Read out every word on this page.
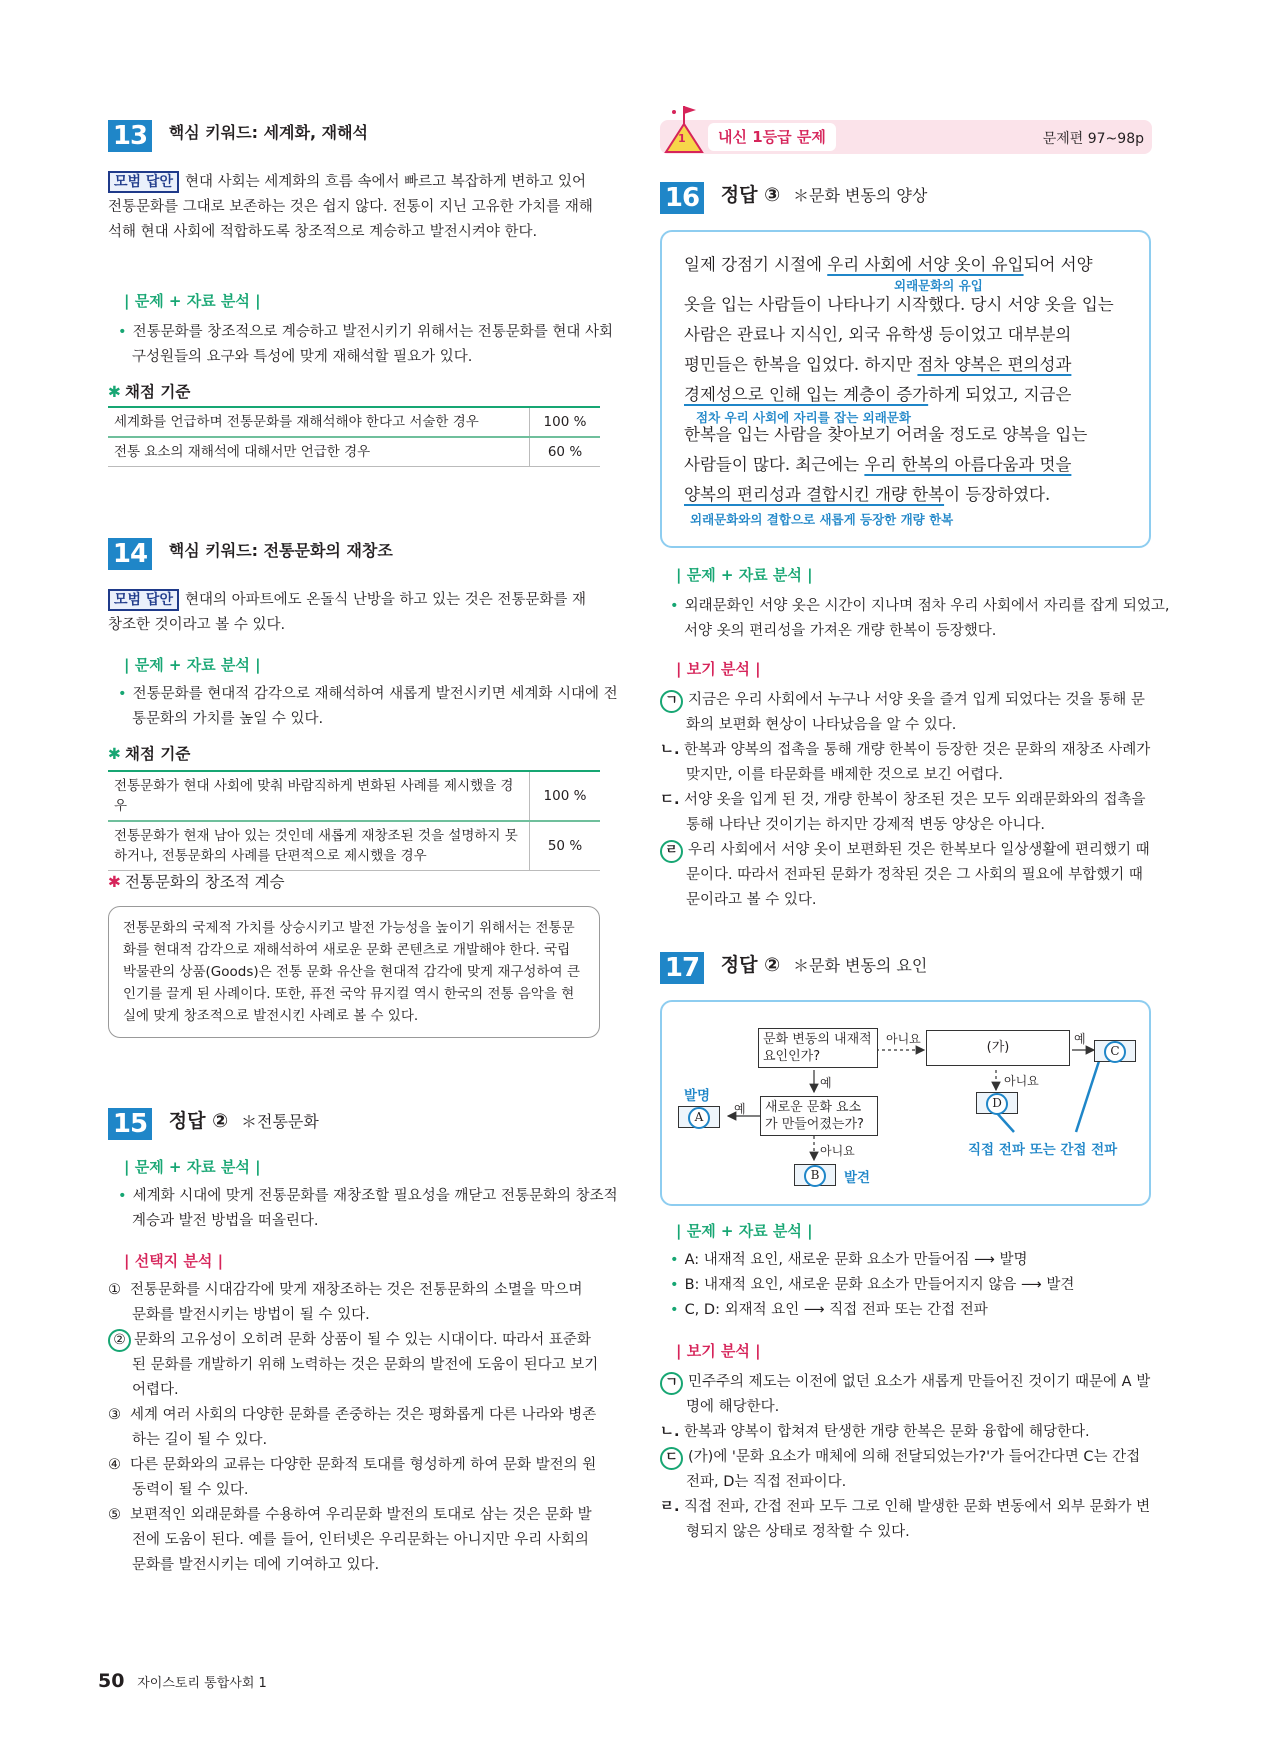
13 핵심 키워드: 세계화, 재해석
모범 답안 현대 사회는 세계화의 흐름 속에서 빠르고 복잡하게 변하고 있어 전통문화를 그대로 보존하는 것은 쉽지 않다. 전통이 지닌 고유한 가치를 재해석해 현대 사회에 적합하도록 창조적으로 계승하고 발전시켜야 한다.
| 문제 + 자료 분석 |
• 전통문화를 창조적으로 계승하고 발전시키기 위해서는 전통문화를 현대 사회 구성원들의 요구와 특성에 맞게 재해석할 필요가 있다.
✱ 채점 기준
세계화를 언급하며 전통문화를 재해석해야 한다고 서술한 경우	100 %
전통 요소의 재해석에 대해서만 언급한 경우	60 %
14 핵심 키워드: 전통문화의 재창조
모범 답안 현대의 아파트에도 온돌식 난방을 하고 있는 것은 전통문화를 재창조한 것이라고 볼 수 있다.
| 문제 + 자료 분석 |
• 전통문화를 현대적 감각으로 재해석하여 새롭게 발전시키면 세계화 시대에 전통문화의 가치를 높일 수 있다.
✱ 채점 기준
전통문화가 현대 사회에 맞춰 바람직하게 변화된 사례를 제시했을 경우	100 %
전통문화가 현재 남아 있는 것인데 새롭게 재창조된 것을 설명하지 못하거나, 전통문화의 사례를 단편적으로 제시했을 경우	50 %
✱ 전통문화의 창조적 계승
전통문화의 국제적 가치를 상승시키고 발전 가능성을 높이기 위해서는 전통문화를 현대적 감각으로 재해석하여 새로운 문화 콘텐츠로 개발해야 한다. 국립 박물관의 상품(Goods)은 전통 문화 유산을 현대적 감각에 맞게 재구성하여 큰 인기를 끌게 된 사례이다. 또한, 퓨전 국악 뮤지컬 역시 한국의 전통 음악을 현실에 맞게 창조적으로 발전시킨 사례로 볼 수 있다.
15 정답 ② ＊전통문화
| 문제 + 자료 분석 |
• 세계화 시대에 맞게 전통문화를 재창조할 필요성을 깨닫고 전통문화의 창조적 계승과 발전 방법을 떠올린다.
| 선택지 분석 |
① 전통문화를 시대감각에 맞게 재창조하는 것은 전통문화의 소멸을 막으며 문화를 발전시키는 방법이 될 수 있다.
② 문화의 고유성이 오히려 문화 상품이 될 수 있는 시대이다. 따라서 표준화된 문화를 개발하기 위해 노력하는 것은 문화의 발전에 도움이 된다고 보기 어렵다.
③ 세계 여러 사회의 다양한 문화를 존중하는 것은 평화롭게 다른 나라와 병존하는 길이 될 수 있다.
④ 다른 문화와의 교류는 다양한 문화적 토대를 형성하게 하여 문화 발전의 원동력이 될 수 있다.
⑤ 보편적인 외래문화를 수용하여 우리문화 발전의 토대로 삼는 것은 문화 발전에 도움이 된다. 예를 들어, 인터넷은 우리문화는 아니지만 우리 사회의 문화를 발전시키는 데에 기여하고 있다.
50 자이스토리 통합사회 1
1	내신 1등급 문제	문제편 97~98p
16 정답 ③ ＊문화 변동의 양상
일제 강점기 시절에 우리 사회에 서양 옷이 유입되어 서양
옷을 입는 사람들이 나타나기 시작했다. 당시 서양 옷을 입는
사람은 관료나 지식인, 외국 유학생 등이었고 대부분의
평민들은 한복을 입었다. 하지만 점차 양복은 편의성과
경제성으로 인해 입는 계층이 증가하게 되었고, 지금은
한복을 입는 사람을 찾아보기 어려울 정도로 양복을 입는
사람들이 많다. 최근에는 우리 한복의 아름다움과 멋을
양복의 편리성과 결합시킨 개량 한복이 등장하였다.
외래문화의 유입
점차 우리 사회에 자리를 잡는 외래문화
외래문화와의 결합으로 새롭게 등장한 개량 한복
| 문제 + 자료 분석 |
• 외래문화인 서양 옷은 시간이 지나며 점차 우리 사회에서 자리를 잡게 되었고, 서양 옷의 편리성을 가져온 개량 한복이 등장했다.
| 보기 분석 |
ㄱ 지금은 우리 사회에서 누구나 서양 옷을 즐겨 입게 되었다는 것을 통해 문화의 보편화 현상이 나타났음을 알 수 있다.
ㄴ. 한복과 양복의 접촉을 통해 개량 한복이 등장한 것은 문화의 재창조 사례가 맞지만, 이를 타문화를 배제한 것으로 보긴 어렵다.
ㄷ. 서양 옷을 입게 된 것, 개량 한복이 창조된 것은 모두 외래문화와의 접촉을 통해 나타난 것이기는 하지만 강제적 변동 양상은 아니다.
ㄹ 우리 사회에서 서양 옷이 보편화된 것은 한복보다 일상생활에 편리했기 때문이다. 따라서 전파된 문화가 정착된 것은 그 사회의 필요에 부합했기 때문이라고 볼 수 있다.
17 정답 ② ＊문화 변동의 요인
문화 변동의 내재적 요인인가?
새로운 문화 요소가 만들어졌는가?
(가)
아니요
예
예
아니요
예
아니요
A
B
C
D
발명
발견
직접 전파 또는 간접 전파
| 문제 + 자료 분석 |
• A: 내재적 요인, 새로운 문화 요소가 만들어짐 ⟶ 발명
• B: 내재적 요인, 새로운 문화 요소가 만들어지지 않음 ⟶ 발견
• C, D: 외재적 요인 ⟶ 직접 전파 또는 간접 전파
| 보기 분석 |
ㄱ 민주주의 제도는 이전에 없던 요소가 새롭게 만들어진 것이기 때문에 A 발명에 해당한다.
ㄴ. 한복과 양복이 합쳐져 탄생한 개량 한복은 문화 융합에 해당한다.
ㄷ (가)에 '문화 요소가 매체에 의해 전달되었는가?'가 들어간다면 C는 간접 전파, D는 직접 전파이다.
ㄹ. 직접 전파, 간접 전파 모두 그로 인해 발생한 문화 변동에서 외부 문화가 변형되지 않은 상태로 정착할 수 있다.
